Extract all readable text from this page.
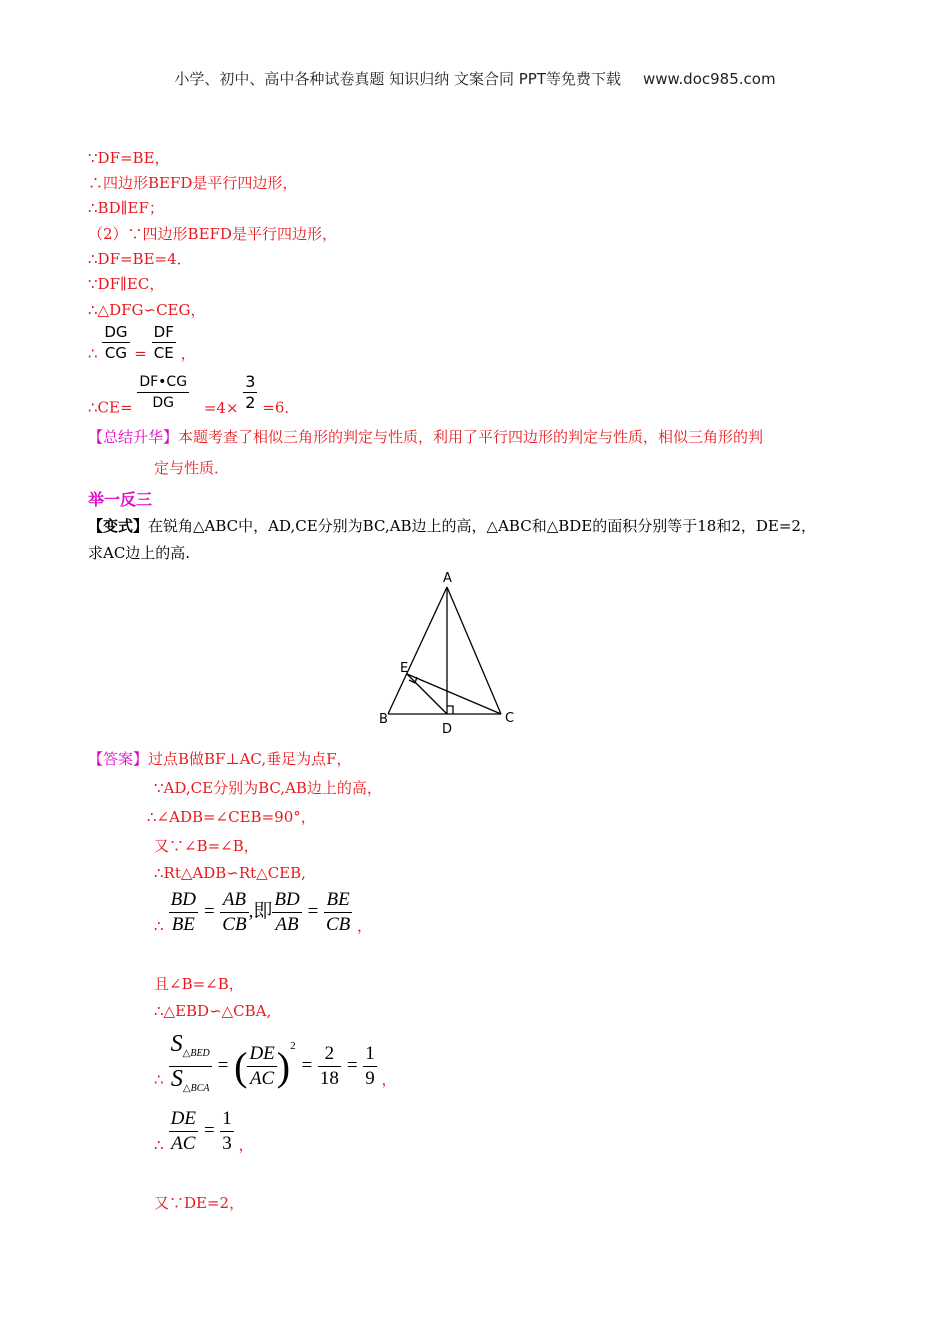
小学、初中、高中各种试卷真题 知识归纳 文案合同 PPT等免费下载 www.doc985.com
∵DF=BE，
∴四边形BEFD是平行四边形，
∴BD∥EF；
（2）∵四边形BEFD是平行四边形，
∴DF=BE=4．
∵DF∥EC，
∴△DFG∽CEG，
∴ $\frac{DG}{CG} = \frac{DF}{CE}$ ，
∴CE= $\frac{DF•CG}{DG} =4\times \frac{3}{2} =6$．
【总结升华】本题考查了相似三角形的判定与性质，利用了平行四边形的判定与性质，相似三角形的判
定与性质．
举一反三
【变式】在锐角△ABC中，AD,CE分别为BC,AB边上的高，△ABC和△BDE的面积分别等于18和2，DE=2，
求AC边上的高.
A
B	C
D
E
【答案】过点B做BF⊥AC,垂足为点F，
∵AD,CE分别为BC,AB边上的高，
∴∠ADB=∠CEB=90°，
又∵∠B=∠B，
∴Rt△ADB∽Rt△CEB,
∴ $\frac{BD}{BE} = \frac{AB}{CB}$ ,即 $\frac{BD}{AB} = \frac{BE}{CB}$ ，
且∠B=∠B，
∴△EBD∽△CBA,
∴ $\frac{S_{\triangle BED}}{S_{\triangle BCA}}$ = ( $\frac{DE}{AC} )^2 = \frac{2}{18} = \frac{1}{9}$ ，
∴ $\frac{DE}{AC} = \frac{1}{3}$ ，
又∵DE=2，
